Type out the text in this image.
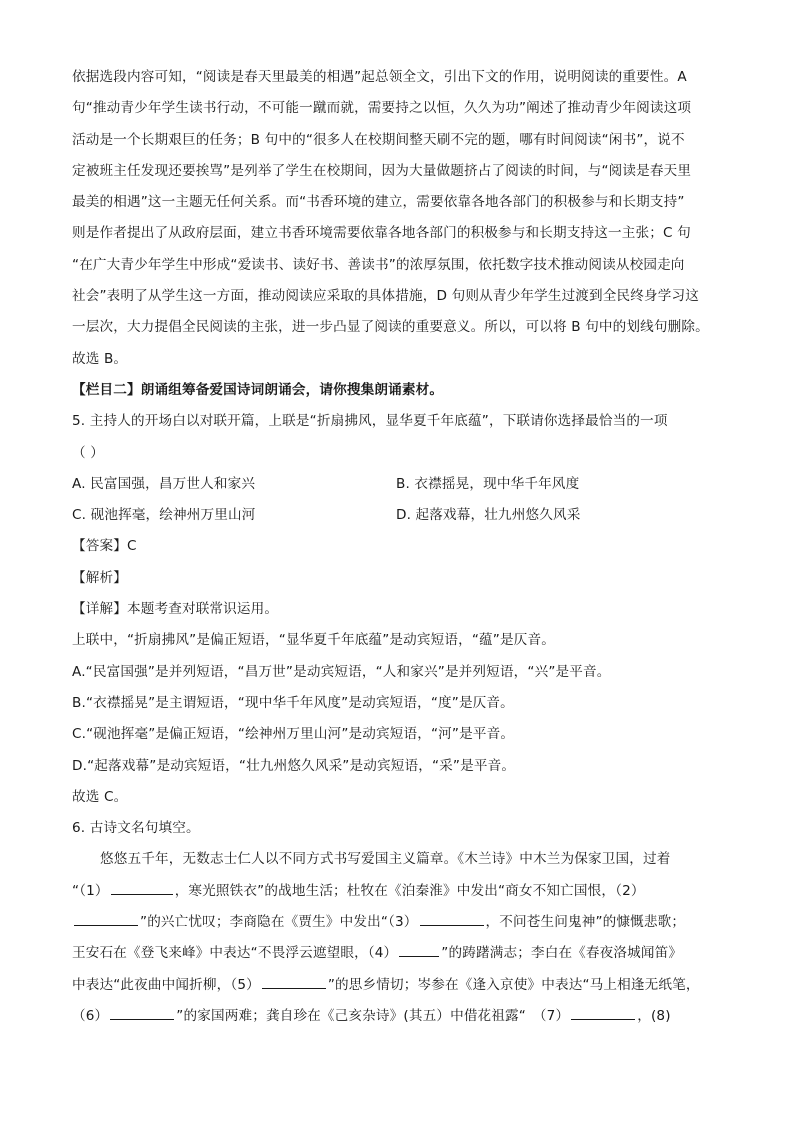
依据选段内容可知，“阅读是春天里最美的相遇”起总领全文，引出下文的作用，说明阅读的重要性。A
句“推动青少年学生读书行动，不可能一蹴而就，需要持之以恒，久久为功”阐述了推动青少年阅读这项
活动是一个长期艰巨的任务；B 句中的“很多人在校期间整天刷不完的题，哪有时间阅读“闲书”，说不
定被班主任发现还要挨骂”是列举了学生在校期间，因为大量做题挤占了阅读的时间，与“阅读是春天里
最美的相遇”这一主题无任何关系。而“书香环境的建立，需要依靠各地各部门的积极参与和长期支持”
则是作者提出了从政府层面，建立书香环境需要依靠各地各部门的积极参与和长期支持这一主张；C 句
“在广大青少年学生中形成“爱读书、读好书、善读书”的浓厚氛围，依托数字技术推动阅读从校园走向
社会”表明了从学生这一方面，推动阅读应采取的具体措施，D 句则从青少年学生过渡到全民终身学习这
一层次，大力提倡全民阅读的主张，进一步凸显了阅读的重要意义。所以，可以将 B 句中的划线句删除。
故选 B。
【栏目二】朗诵组筹备爱国诗词朗诵会，请你搜集朗诵素材。
5. 主持人的开场白以对联开篇，上联是“折扇拂风，显华夏千年底蕴”，下联请你选择最恰当的一项
（ ）
A. 民富国强，昌万世人和家兴	B. 衣襟摇晃，现中华千年风度
C. 砚池挥毫，绘神州万里山河	D. 起落戏幕，壮九州悠久风采
【答案】C
【解析】
【详解】本题考查对联常识运用。
上联中，“折扇拂风”是偏正短语，“显华夏千年底蕴”是动宾短语，“蕴”是仄音。
A.“民富国强”是并列短语，“昌万世”是动宾短语，“人和家兴”是并列短语，“兴”是平音。
B.“衣襟摇晃”是主谓短语，“现中华千年风度”是动宾短语，“度”是仄音。
C.“砚池挥毫”是偏正短语，“绘神州万里山河”是动宾短语，“河”是平音。
D.“起落戏幕”是动宾短语，“壮九州悠久风采”是动宾短语，“采”是平音。
故选 C。
6. 古诗文名句填空。
悠悠五千年，无数志士仁人以不同方式书写爱国主义篇章。《木兰诗》中木兰为保家卫国，过着
“（1）	，寒光照铁衣”的战地生活；杜牧在《泊秦淮》中发出“商女不知亡国恨，（2）
”的兴亡忧叹；李商隐在《贾生》中发出“（3）	，不问苍生问鬼神”的慷慨悲歌；
王安石在《登飞来峰》中表达“不畏浮云遮望眼，（4）	”的踌躇满志；李白在《春夜洛城闻笛》
中表达“此夜曲中闻折柳，（5）	”的思乡情切；岑参在《逢入京使》中表达“马上相逢无纸笔，
（6）	”的家国两难；龚自珍在《己亥杂诗》(其五）中借花祖露“　（7）	，(8)
